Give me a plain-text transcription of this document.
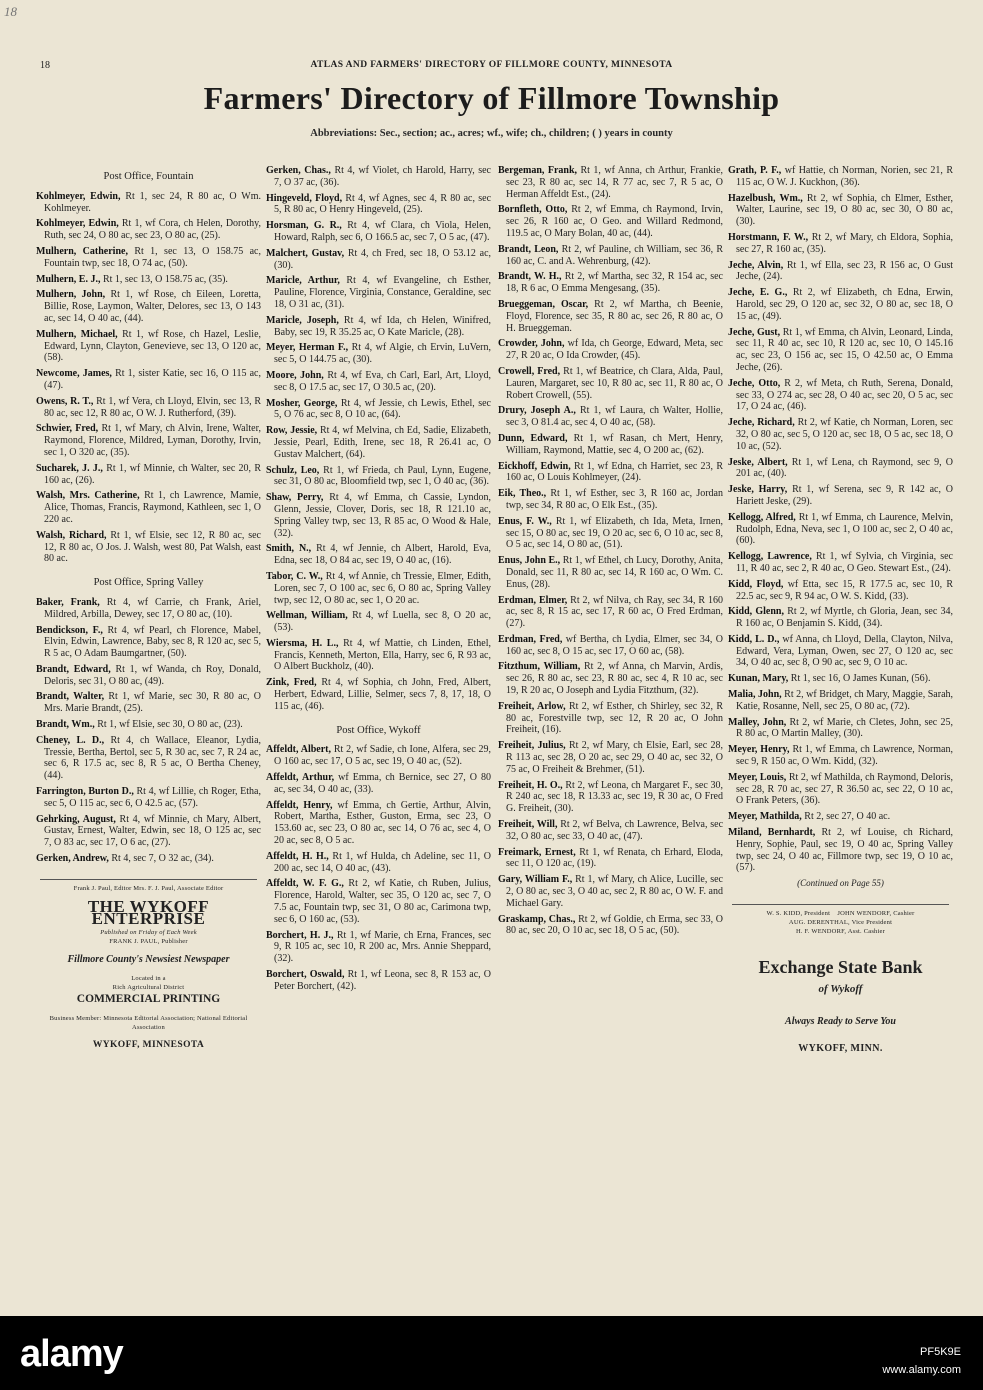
18
18	ATLAS AND FARMERS' DIRECTORY OF FILLMORE COUNTY, MINNESOTA
Farmers' Directory of Fillmore Township
Abbreviations: Sec., section; ac., acres; wf., wife; ch., children; ( ) years in county
Post Office, Fountain
Kohlmeyer, Edwin, Rt 1, sec 24, R 80 ac, O Wm. Kohlmeyer.
Kohlmeyer, Edwin, Rt 1, wf Cora, ch Helen, Dorothy, Ruth, sec 24, O 80 ac, sec 23, O 80 ac, (25).
Mulhern, Catherine, Rt 1, sec 13, O 158.75 ac, Fountain twp, sec 18, O 74 ac, (50).
Mulhern, E. J., Rt 1, sec 13, O 158.75 ac, (35).
Mulhern, John, Rt 1, wf Rose, ch Eileen, Loretta, Billie, Rose, Laymon, Walter, Delores, sec 13, O 143 ac, sec 14, O 40 ac, (44).
Mulhern, Michael, Rt 1, wf Rose, ch Hazel, Leslie, Edward, Lynn, Clayton, Genevieve, sec 13, O 120 ac, (58).
Newcome, James, Rt 1, sister Katie, sec 16, O 115 ac, (47).
Owens, R. T., Rt 1, wf Vera, ch Lloyd, Elvin, sec 13, R 80 ac, sec 12, R 80 ac, O W. J. Rutherford, (39).
Schwier, Fred, Rt 1, wf Mary, ch Alvin, Irene, Walter, Raymond, Florence, Mildred, Lyman, Dorothy, Irvin, sec 1, O 320 ac, (35).
Sucharek, J. J., Rt 1, wf Minnie, ch Walter, sec 20, R 160 ac, (26).
Walsh, Mrs. Catherine, Rt 1, ch Lawrence, Mamie, Alice, Thomas, Francis, Raymond, Kathleen, sec 1, O 220 ac.
Walsh, Richard, Rt 1, wf Elsie, sec 12, R 80 ac, sec 12, R 80 ac, O Jos. J. Walsh, west 80, Pat Walsh, east 80 ac.
Post Office, Spring Valley
Baker, Frank, Rt 4, wf Carrie, ch Frank, Ariel, Mildred, Arbilla, Dewey, sec 17, O 80 ac, (10).
Bendickson, F., Rt 4, wf Pearl, ch Florence, Mabel, Elvin, Edwin, Lawrence, Baby, sec 8, R 120 ac, sec 5, R 5 ac, O Adam Baumgartner, (50).
Brandt, Edward, Rt 1, wf Wanda, ch Roy, Donald, Deloris, sec 31, O 80 ac, (49).
Brandt, Walter, Rt 1, wf Marie, sec 30, R 80 ac, O Mrs. Marie Brandt, (25).
Brandt, Wm., Rt 1, wf Elsie, sec 30, O 80 ac, (23).
Cheney, L. D., Rt 4, ch Wallace, Eleanor, Lydia, Tressie, Bertha, Bertol, sec 5, R 30 ac, sec 7, R 24 ac, sec 6, R 17.5 ac, sec 8, R 5 ac, O Bertha Cheney, (44).
Farrington, Burton D., Rt 4, wf Lillie, ch Roger, Etha, sec 5, O 115 ac, sec 6, O 42.5 ac, (57).
Gehrking, August, Rt 4, wf Minnie, ch Mary, Albert, Gustav, Ernest, Walter, Edwin, sec 18, O 125 ac, sec 7, O 83 ac, sec 17, O 6 ac, (27).
Gerken, Andrew, Rt 4, sec 7, O 32 ac, (34).
Frank J. Paul, Editor Mrs. F. J. Paul, Associate Editor
THE WYKOFF ENTERPRISE
Published on Friday of Each Week
FRANK J. PAUL, Publisher
Fillmore County's Newsiest Newspaper
Located in a
Rich Agricultural District
COMMERCIAL PRINTING
Business Member: Minnesota Editorial Association; National Editorial Association
WYKOFF, MINNESOTA
Gerken, Chas., Rt 4, wf Violet, ch Harold, Harry, sec 7, O 37 ac, (36).
Hingeveld, Floyd, Rt 4, wf Agnes, sec 4, R 80 ac, sec 5, R 80 ac, O Henry Hingeveld, (25).
Horsman, G. R., Rt 4, wf Clara, ch Viola, Helen, Howard, Ralph, sec 6, O 166.5 ac, sec 7, O 5 ac, (47).
Malchert, Gustav, Rt 4, ch Fred, sec 18, O 53.12 ac, (30).
Maricle, Arthur, Rt 4, wf Evangeline, ch Esther, Pauline, Florence, Virginia, Constance, Geraldine, sec 18, O 31 ac, (31).
Maricle, Joseph, Rt 4, wf Ida, ch Helen, Winifred, Baby, sec 19, R 35.25 ac, O Kate Maricle, (28).
Meyer, Herman F., Rt 4, wf Algie, ch Ervin, LuVern, sec 5, O 144.75 ac, (30).
Moore, John, Rt 4, wf Eva, ch Carl, Earl, Art, Lloyd, sec 8, O 17.5 ac, sec 17, O 30.5 ac, (20).
Mosher, George, Rt 4, wf Jessie, ch Lewis, Ethel, sec 5, O 76 ac, sec 8, O 10 ac, (64).
Row, Jessie, Rt 4, wf Melvina, ch Ed, Sadie, Elizabeth, Jessie, Pearl, Edith, Irene, sec 18, R 26.41 ac, O Gustav Malchert, (64).
Schulz, Leo, Rt 1, wf Frieda, ch Paul, Lynn, Eugene, sec 31, O 80 ac, Bloomfield twp, sec 1, O 40 ac, (36).
Shaw, Perry, Rt 4, wf Emma, ch Cassie, Lyndon, Glenn, Jessie, Clover, Doris, sec 18, R 121.10 ac, Spring Valley twp, sec 13, R 85 ac, O Wood & Hale, (32).
Smith, N., Rt 4, wf Jennie, ch Albert, Harold, Eva, Edna, sec 18, O 84 ac, sec 19, O 40 ac, (16).
Tabor, C. W., Rt 4, wf Annie, ch Tressie, Elmer, Edith, Loren, sec 7, O 100 ac, sec 6, O 80 ac, Spring Valley twp, sec 12, O 80 ac, sec 1, O 20 ac.
Wellman, William, Rt 4, wf Luella, sec 8, O 20 ac, (53).
Wiersma, H. L., Rt 4, wf Mattie, ch Linden, Ethel, Francis, Kenneth, Merton, Ella, Harry, sec 6, R 93 ac, O Albert Buckholz, (40).
Zink, Fred, Rt 4, wf Sophia, ch John, Fred, Albert, Herbert, Edward, Lillie, Selmer, secs 7, 8, 17, 18, O 115 ac, (46).
Post Office, Wykoff
Affeldt, Albert, Rt 2, wf Sadie, ch Ione, Alfera, sec 29, O 160 ac, sec 17, O 5 ac, sec 19, O 40 ac, (52).
Affeldt, Arthur, wf Emma, ch Bernice, sec 27, O 80 ac, sec 34, O 40 ac, (33).
Affeldt, Henry, wf Emma, ch Gertie, Arthur, Alvin, Robert, Martha, Esther, Guston, Erma, sec 23, O 153.60 ac, sec 23, O 80 ac, sec 14, O 76 ac, sec 4, O 20 ac, sec 8, O 5 ac.
Affeldt, H. H., Rt 1, wf Hulda, ch Adeline, sec 11, O 200 ac, sec 14, O 40 ac, (43).
Affeldt, W. F. G., Rt 2, wf Katie, ch Ruben, Julius, Florence, Harold, Walter, sec 35, O 120 ac, sec 7, O 7.5 ac, Fountain twp, sec 31, O 80 ac, Carimona twp, sec 6, O 160 ac, (53).
Borchert, H. J., Rt 1, wf Marie, ch Erna, Frances, sec 9, R 105 ac, sec 10, R 200 ac, Mrs. Annie Sheppard, (32).
Borchert, Oswald, Rt 1, wf Leona, sec 8, R 153 ac, O Peter Borchert, (42).
Bergeman, Frank, Rt 1, wf Anna, ch Arthur, Frankie, sec 23, R 80 ac, sec 14, R 77 ac, sec 7, R 5 ac, O Herman Affeldt Est., (24).
Bornfleth, Otto, Rt 2, wf Emma, ch Raymond, Irvin, sec 26, R 160 ac, O Geo. and Willard Redmond, 119.5 ac, O Mary Bolan, 40 ac, (44).
Brandt, Leon, Rt 2, wf Pauline, ch William, sec 36, R 160 ac, C. and A. Wehrenburg, (42).
Brandt, W. H., Rt 2, wf Martha, sec 32, R 154 ac, sec 18, R 6 ac, O Emma Mengesang, (35).
Brueggeman, Oscar, Rt 2, wf Martha, ch Beenie, Floyd, Florence, sec 35, R 80 ac, sec 26, R 80 ac, O H. Brueggeman.
Crowder, John, wf Ida, ch George, Edward, Meta, sec 27, R 20 ac, O Ida Crowder, (45).
Crowell, Fred, Rt 1, wf Beatrice, ch Clara, Alda, Paul, Lauren, Margaret, sec 10, R 80 ac, sec 11, R 80 ac, O Robert Crowell, (55).
Drury, Joseph A., Rt 1, wf Laura, ch Walter, Hollie, sec 3, O 81.4 ac, sec 4, O 40 ac, (58).
Dunn, Edward, Rt 1, wf Rasan, ch Mert, Henry, William, Raymond, Mattie, sec 4, O 200 ac, (62).
Eickhoff, Edwin, Rt 1, wf Edna, ch Harriet, sec 23, R 160 ac, O Louis Kohlmeyer, (24).
Eik, Theo., Rt 1, wf Esther, sec 3, R 160 ac, Jordan twp, sec 34, R 80 ac, O Elk Est., (35).
Enus, F. W., Rt 1, wf Elizabeth, ch Ida, Meta, Irnen, sec 15, O 80 ac, sec 19, O 20 ac, sec 6, O 10 ac, sec 8, O 5 ac, sec 14, O 80 ac, (51).
Enus, John E., Rt 1, wf Ethel, ch Lucy, Dorothy, Anita, Donald, sec 11, R 80 ac, sec 14, R 160 ac, O Wm. C. Enus, (28).
Erdman, Elmer, Rt 2, wf Nilva, ch Ray, sec 34, R 160 ac, sec 8, R 15 ac, sec 17, R 60 ac, O Fred Erdman, (27).
Erdman, Fred, wf Bertha, ch Lydia, Elmer, sec 34, O 160 ac, sec 8, O 15 ac, sec 17, O 60 ac, (58).
Fitzthum, William, Rt 2, wf Anna, ch Marvin, Ardis, sec 26, R 80 ac, sec 23, R 80 ac, sec 4, R 10 ac, sec 19, R 20 ac, O Joseph and Lydia Fitzthum, (32).
Freiheit, Arlow, Rt 2, wf Esther, ch Shirley, sec 32, R 80 ac, Forestville twp, sec 12, R 20 ac, O John Freiheit, (16).
Freiheit, Julius, Rt 2, wf Mary, ch Elsie, Earl, sec 28, R 113 ac, sec 28, O 20 ac, sec 29, O 40 ac, sec 32, O 75 ac, O Freiheit & Brehmer, (51).
Freiheit, H. O., Rt 2, wf Leona, ch Margaret F., sec 30, R 240 ac, sec 18, R 13.33 ac, sec 19, R 30 ac, O Fred G. Freiheit, (30).
Freiheit, Will, Rt 2, wf Belva, ch Lawrence, Belva, sec 32, O 80 ac, sec 33, O 40 ac, (47).
Freimark, Ernest, Rt 1, wf Renata, ch Erhard, Eloda, sec 11, O 120 ac, (19).
Gary, William F., Rt 1, wf Mary, ch Alice, Lucille, sec 2, O 80 ac, sec 3, O 40 ac, sec 2, R 80 ac, O W. F. and Michael Gary.
Graskamp, Chas., Rt 2, wf Goldie, ch Erma, sec 33, O 80 ac, sec 20, O 10 ac, sec 18, O 5 ac, (50).
Grath, P. F., wf Hattie, ch Norman, Norien, sec 21, R 115 ac, O W. J. Kuckhon, (36).
Hazelbush, Wm., Rt 2, wf Sophia, ch Elmer, Esther, Walter, Laurine, sec 19, O 80 ac, sec 30, O 80 ac, (30).
Horstmann, F. W., Rt 2, wf Mary, ch Eldora, Sophia, sec 27, R 160 ac, (35).
Jeche, Alvin, Rt 1, wf Ella, sec 23, R 156 ac, O Gust Jeche, (24).
Jeche, E. G., Rt 2, wf Elizabeth, ch Edna, Erwin, Harold, sec 29, O 120 ac, sec 32, O 80 ac, sec 18, O 15 ac, (49).
Jeche, Gust, Rt 1, wf Emma, ch Alvin, Leonard, Linda, sec 11, R 40 ac, sec 10, R 120 ac, sec 10, O 145.16 ac, sec 23, O 156 ac, sec 15, O 42.50 ac, O Emma Jeche, (26).
Jeche, Otto, R 2, wf Meta, ch Ruth, Serena, Donald, sec 33, O 274 ac, sec 28, O 40 ac, sec 20, O 5 ac, sec 17, O 24 ac, (46).
Jeche, Richard, Rt 2, wf Katie, ch Norman, Loren, sec 32, O 80 ac, sec 5, O 120 ac, sec 18, O 5 ac, sec 18, O 10 ac, (52).
Jeske, Albert, Rt 1, wf Lena, ch Raymond, sec 9, O 201 ac, (40).
Jeske, Harry, Rt 1, wf Serena, sec 9, R 142 ac, O Hariett Jeske, (29).
Kellogg, Alfred, Rt 1, wf Emma, ch Laurence, Melvin, Rudolph, Edna, Neva, sec 1, O 100 ac, sec 2, O 40 ac, (60).
Kellogg, Lawrence, Rt 1, wf Sylvia, ch Virginia, sec 11, R 40 ac, sec 2, R 40 ac, O Geo. Stewart Est., (24).
Kidd, Floyd, wf Etta, sec 15, R 177.5 ac, sec 10, R 22.5 ac, sec 9, R 94 ac, O W. S. Kidd, (33).
Kidd, Glenn, Rt 2, wf Myrtle, ch Gloria, Jean, sec 34, R 160 ac, O Benjamin S. Kidd, (34).
Kidd, L. D., wf Anna, ch Lloyd, Della, Clayton, Nilva, Edward, Vera, Lyman, Owen, sec 27, O 120 ac, sec 34, O 40 ac, sec 8, O 90 ac, sec 9, O 10 ac.
Kunan, Mary, Rt 1, sec 16, O James Kunan, (56).
Malia, John, Rt 2, wf Bridget, ch Mary, Maggie, Sarah, Katie, Rosanne, Nell, sec 25, O 80 ac, (72).
Malley, John, Rt 2, wf Marie, ch Cletes, John, sec 25, R 80 ac, O Martin Malley, (30).
Meyer, Henry, Rt 1, wf Emma, ch Lawrence, Norman, sec 9, R 150 ac, O Wm. Kidd, (32).
Meyer, Louis, Rt 2, wf Mathilda, ch Raymond, Deloris, sec 28, R 70 ac, sec 27, R 36.50 ac, sec 22, O 10 ac, O Frank Peters, (36).
Meyer, Mathilda, Rt 2, sec 27, O 40 ac.
Miland, Bernhardt, Rt 2, wf Louise, ch Richard, Henry, Sophie, Paul, sec 19, O 40 ac, Spring Valley twp, sec 24, O 40 ac, Fillmore twp, sec 19, O 10 ac, (57).
(Continued on Page 55)
W. S. KIDD, President JOHN WENDORF, Cashier
AUG. DERENTHAL, Vice President
H. F. WENDORF, Asst. Cashier
Exchange State Bank
of Wykoff
Always Ready to Serve You
WYKOFF, MINN.
alamy	PF5K9E
www.alamy.com
